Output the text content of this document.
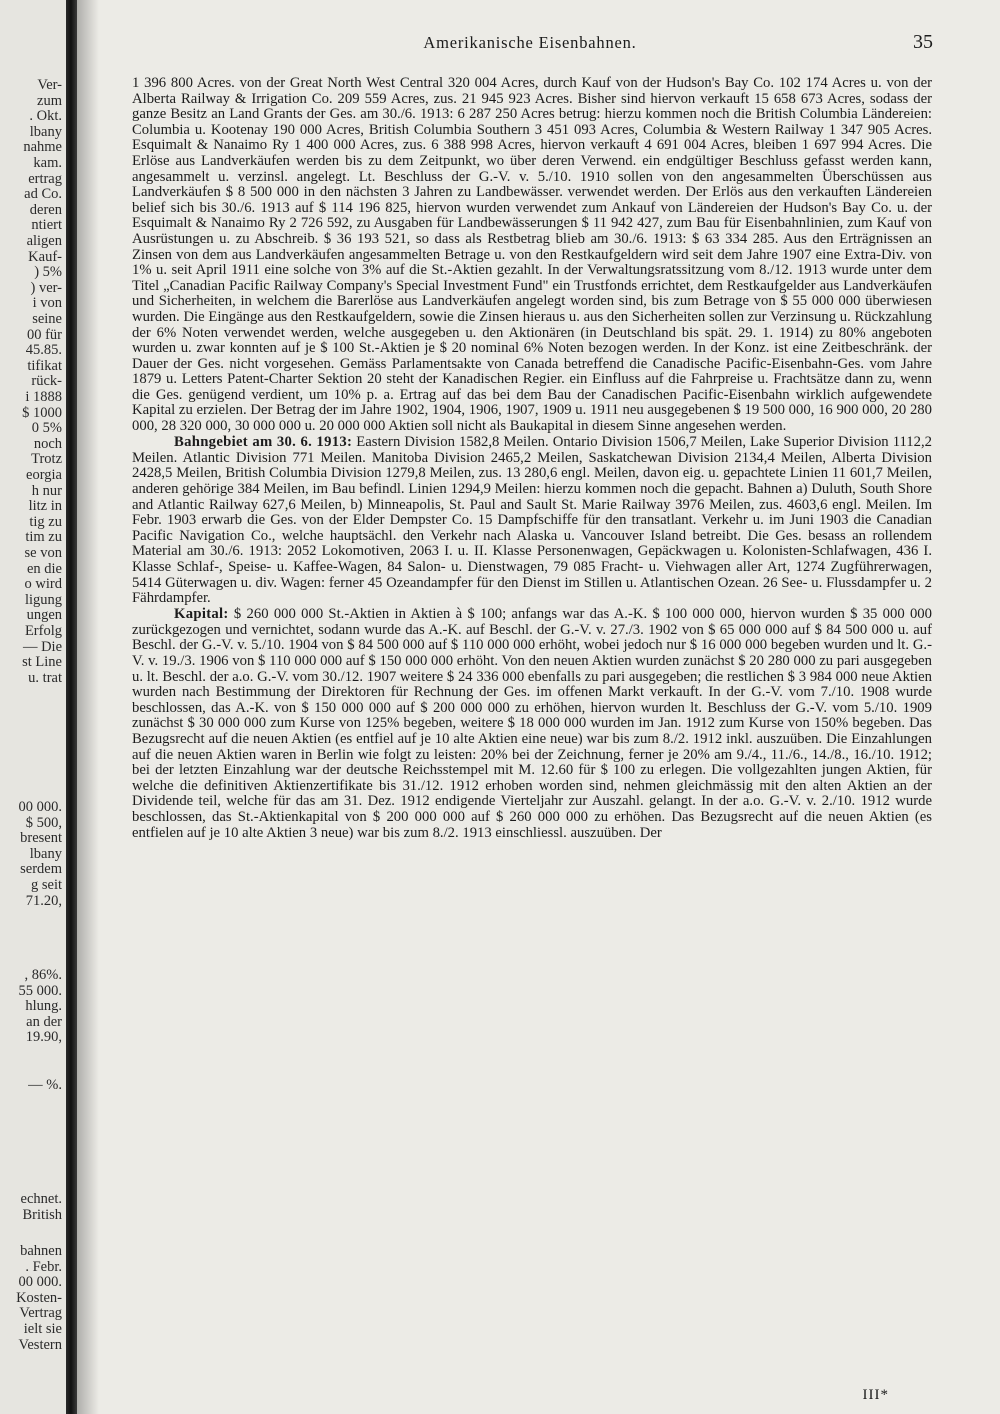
Ver-
zum
. Okt.
lbany
nahme
kam.
ertrag
ad Co.
deren
ntiert
aligen
Kauf-
) 5%
) ver-
i von
seine
00 für
45.85.
tifikat
rück-
i 1888
$ 1000
0 5%
noch
Trotz
eorgia
h nur
litz in
tig zu
tim zu
se von
en die
o wird
ligung
ungen
Erfolg
— Die
st Line
u. trat
00 000.
$ 500,
bresent
lbany
serdem
g seit
71.20,
, 86%.
55 000.
hlung.
an der
19.90,
— %.
echnet.
British
bahnen
. Febr.
00 000.
Kosten-
Vertrag
ielt sie
Vestern
Amerikanische Eisenbahnen.	35

1 396 800 Acres. von der Great North West Central 320 004 Acres, durch Kauf von der Hudson's Bay Co. 102 174 Acres u. von der Alberta Railway & Irrigation Co. 209 559 Acres, zus. 21 945 923 Acres. Bisher sind hiervon verkauft 15 658 673 Acres, sodass der ganze Besitz an Land Grants der Ges. am 30./6. 1913: 6 287 250 Acres betrug: hierzu kommen noch die British Columbia Ländereien: Columbia u. Kootenay 190 000 Acres, British Columbia Southern 3 451 093 Acres, Columbia & Western Railway 1 347 905 Acres. Esquimalt & Nanaimo Ry 1 400 000 Acres, zus. 6 388 998 Acres, hiervon verkauft 4 691 004 Acres, bleiben 1 697 994 Acres. Die Erlöse aus Landverkäufen werden bis zu dem Zeitpunkt, wo über deren Verwend. ein endgültiger Beschluss gefasst werden kann, angesammelt u. verzinsl. angelegt. Lt. Beschluss der G.-V. v. 5./10. 1910 sollen von den angesammelten Überschüssen aus Landverkäufen $ 8 500 000 in den nächsten 3 Jahren zu Landbewässer. verwendet werden. Der Erlös aus den verkauften Ländereien belief sich bis 30./6. 1913 auf $ 114 196 825, hiervon wurden verwendet zum Ankauf von Ländereien der Hudson's Bay Co. u. der Esquimalt & Nanaimo Ry 2 726 592, zu Ausgaben für Landbewässerungen $ 11 942 427, zum Bau für Eisenbahnlinien, zum Kauf von Ausrüstungen u. zu Abschreib. $ 36 193 521, so dass als Restbetrag blieb am 30./6. 1913: $ 63 334 285. Aus den Erträgnissen an Zinsen von dem aus Landverkäufen angesammelten Betrage u. von den Restkaufgeldern wird seit dem Jahre 1907 eine Extra-Div. von 1% u. seit April 1911 eine solche von 3% auf die St.-Aktien gezahlt. In der Verwaltungsratssitzung vom 8./12. 1913 wurde unter dem Titel „Canadian Pacific Railway Company's Special Investment Fund" ein Trustfonds errichtet, dem Restkaufgelder aus Landverkäufen und Sicherheiten, in welchem die Barerlöse aus Landverkäufen angelegt worden sind, bis zum Betrage von $ 55 000 000 überwiesen wurden. Die Eingänge aus den Restkaufgeldern, sowie die Zinsen hieraus u. aus den Sicherheiten sollen zur Verzinsung u. Rückzahlung der 6% Noten verwendet werden, welche ausgegeben u. den Aktionären (in Deutschland bis spät. 29. 1. 1914) zu 80% angeboten wurden u. zwar konnten auf je $ 100 St.-Aktien je $ 20 nominal 6% Noten bezogen werden. In der Konz. ist eine Zeitbeschränk. der Dauer der Ges. nicht vorgesehen. Gemäss Parlamentsakte von Canada betreffend die Canadische Pacific-Eisenbahn-Ges. vom Jahre 1879 u. Letters Patent-Charter Sektion 20 steht der Kanadischen Regier. ein Einfluss auf die Fahrpreise u. Frachtsätze dann zu, wenn die Ges. genügend verdient, um 10% p. a. Ertrag auf das bei dem Bau der Canadischen Pacific-Eisenbahn wirklich aufgewendete Kapital zu erzielen. Der Betrag der im Jahre 1902, 1904, 1906, 1907, 1909 u. 1911 neu ausgegebenen $ 19 500 000, 16 900 000, 20 280 000, 28 320 000, 30 000 000 u. 20 000 000 Aktien soll nicht als Baukapital in diesem Sinne angesehen werden.

Bahngebiet am 30. 6. 1913: Eastern Division 1582,8 Meilen. Ontario Division 1506,7 Meilen, Lake Superior Division 1112,2 Meilen. Atlantic Division 771 Meilen. Manitoba Division 2465,2 Meilen, Saskatchewan Division 2134,4 Meilen, Alberta Division 2428,5 Meilen, British Columbia Division 1279,8 Meilen, zus. 13 280,6 engl. Meilen, davon eig. u. gepachtete Linien 11 601,7 Meilen, anderen gehörige 384 Meilen, im Bau befindl. Linien 1294,9 Meilen: hierzu kommen noch die gepacht. Bahnen a) Duluth, South Shore and Atlantic Railway 627,6 Meilen, b) Minneapolis, St. Paul and Sault St. Marie Railway 3976 Meilen, zus. 4603,6 engl. Meilen. Im Febr. 1903 erwarb die Ges. von der Elder Dempster Co. 15 Dampfschiffe für den transatlant. Verkehr u. im Juni 1903 die Canadian Pacific Navigation Co., welche hauptsächl. den Verkehr nach Alaska u. Vancouver Island betreibt. Die Ges. besass an rollendem Material am 30./6. 1913: 2052 Lokomotiven, 2063 I. u. II. Klasse Personenwagen, Gepäckwagen u. Kolonisten-Schlafwagen, 436 I. Klasse Schlaf-, Speise- u. Kaffee-Wagen, 84 Salon- u. Dienstwagen, 79 085 Fracht- u. Viehwagen aller Art, 1274 Zugführerwagen, 5414 Güterwagen u. div. Wagen: ferner 45 Ozeandampfer für den Dienst im Stillen u. Atlantischen Ozean. 26 See- u. Flussdampfer u. 2 Fährdampfer.

Kapital: $ 260 000 000 St.-Aktien in Aktien à $ 100; anfangs war das A.-K. $ 100 000 000, hiervon wurden $ 35 000 000 zurückgezogen und vernichtet, sodann wurde das A.-K. auf Beschl. der G.-V. v. 27./3. 1902 von $ 65 000 000 auf $ 84 500 000 u. auf Beschl. der G.-V. v. 5./10. 1904 von $ 84 500 000 auf $ 110 000 000 erhöht, wobei jedoch nur $ 16 000 000 begeben wurden und lt. G.-V. v. 19./3. 1906 von $ 110 000 000 auf $ 150 000 000 erhöht. Von den neuen Aktien wurden zunächst $ 20 280 000 zu pari ausgegeben u. lt. Beschl. der a.o. G.-V. vom 30./12. 1907 weitere $ 24 336 000 ebenfalls zu pari ausgegeben; die restlichen $ 3 984 000 neue Aktien wurden nach Bestimmung der Direktoren für Rechnung der Ges. im offenen Markt verkauft. In der G.-V. vom 7./10. 1908 wurde beschlossen, das A.-K. von $ 150 000 000 auf $ 200 000 000 zu erhöhen, hiervon wurden lt. Beschluss der G.-V. vom 5./10. 1909 zunächst $ 30 000 000 zum Kurse von 125% begeben, weitere $ 18 000 000 wurden im Jan. 1912 zum Kurse von 150% begeben. Das Bezugsrecht auf die neuen Aktien (es entfiel auf je 10 alte Aktien eine neue) war bis zum 8./2. 1912 inkl. auszuüben. Die Einzahlungen auf die neuen Aktien waren in Berlin wie folgt zu leisten: 20% bei der Zeichnung, ferner je 20% am 9./4., 11./6., 14./8., 16./10. 1912; bei der letzten Einzahlung war der deutsche Reichsstempel mit M. 12.60 für $ 100 zu erlegen. Die vollgezahlten jungen Aktien, für welche die definitiven Aktienzertifikate bis 31./12. 1912 erhoben worden sind, nehmen gleichmässig mit den alten Aktien an der Dividende teil, welche für das am 31. Dez. 1912 endigende Vierteljahr zur Auszahl. gelangt. In der a.o. G.-V. v. 2./10. 1912 wurde beschlossen, das St.-Aktienkapital von $ 200 000 000 auf $ 260 000 000 zu erhöhen. Das Bezugsrecht auf die neuen Aktien (es entfielen auf je 10 alte Aktien 3 neue) war bis zum 8./2. 1913 einschliessl. auszuüben. Der

III*
